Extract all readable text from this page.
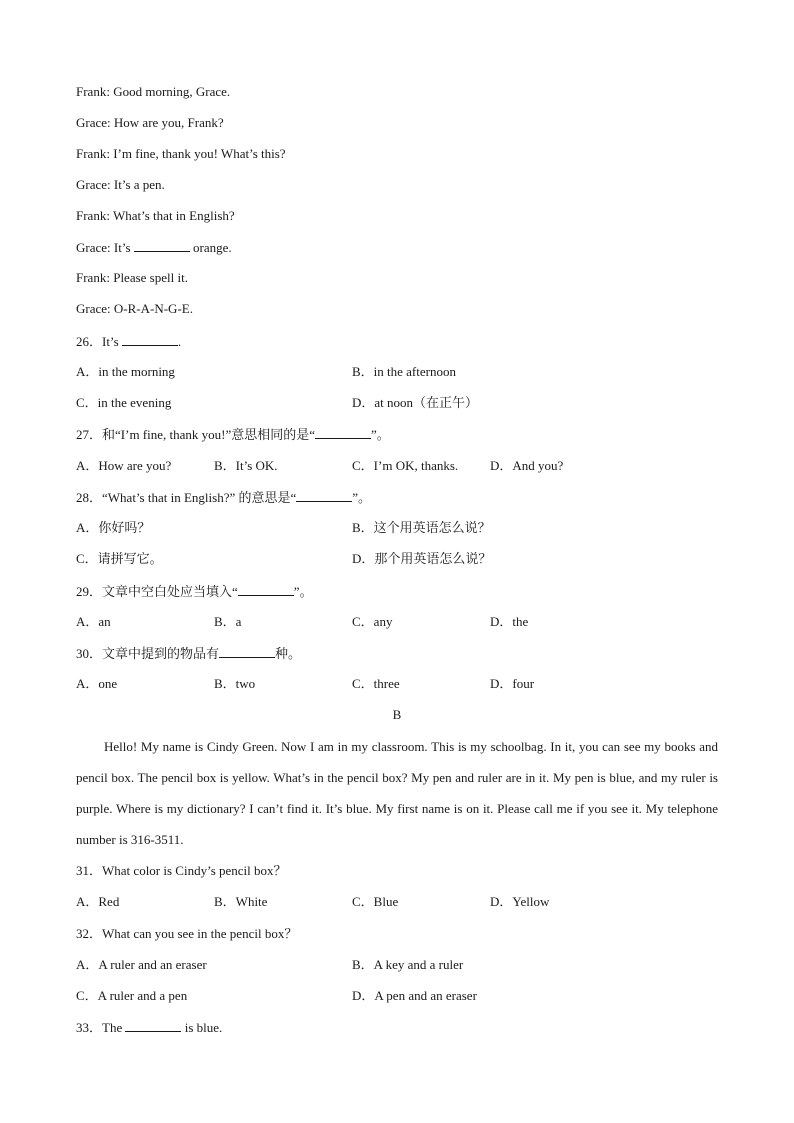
Frank: Good morning, Grace.
Grace: How are you, Frank?
Frank: I’m fine, thank you! What’s this?
Grace: It’s a pen.
Frank: What’s that in English?
Grace: It’s	orange.
Frank: Please spell it.
Grace: O-R-A-N-G-E.
26．It’s	.
A．in the morning	B．in the afternoon
C．in the evening	D．at noon（在正午）
27．和“I’m fine, thank you!”意思相同的是“	”。
A．How are you?	B．It’s OK.	C．I’m OK, thanks. D．And you?
28．“What’s that in English?” 的意思是“	”。
A．你好吗？	B．这个用英语怎么说？
C．请拼写它。	D．那个用英语怎么说？
29．文章中空白处应当填入“	”。
A．an	B．a	C．any	D．the
30．文章中提到的物品有	种。
A．one	B．two	C．three	D．four
B
Hello! My name is Cindy Green. Now I am in my classroom. This is my schoolbag. In it, you can see my books and pencil box. The pencil box is yellow. What’s in the pencil box? My pen and ruler are in it. My pen is blue, and my ruler is purple. Where is my dictionary? I can’t find it. It’s blue. My first name is on it. Please call me if you see it. My telephone number is 316-3511.
31．What color is Cindy’s pencil box？
A．Red	B．White	C．Blue	D．Yellow
32．What can you see in the pencil box？
A．A ruler and an eraser	B．A key and a ruler
C．A ruler and a pen	D．A pen and an eraser
33．The	is blue.
